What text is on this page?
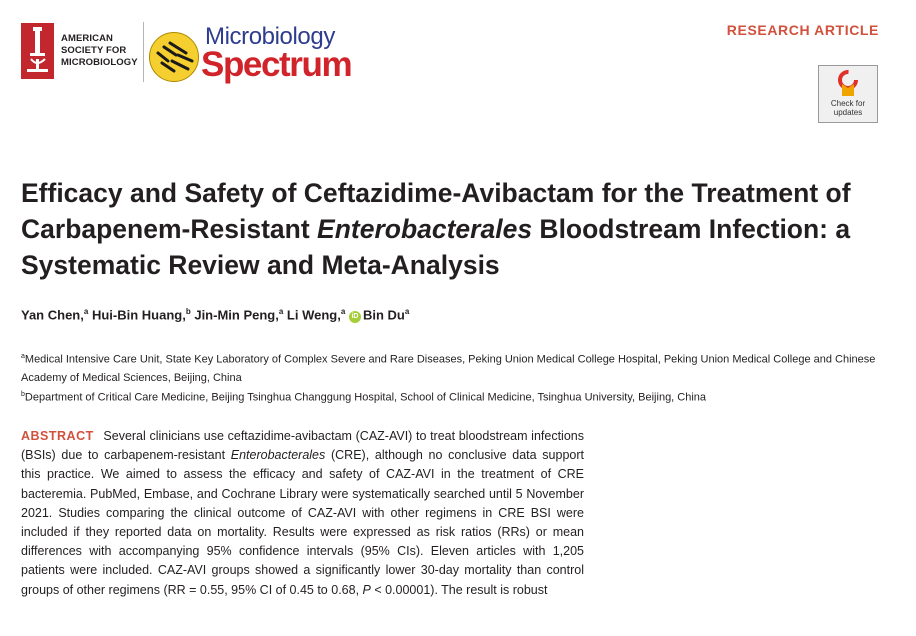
AMERICAN
SOCIETY FOR
MICROBIOLOGY
Microbiology
Spectrum
RESEARCH ARTICLE
Check for
updates
Efficacy and Safety of Ceftazidime-Avibactam for the Treatment of Carbapenem-Resistant Enterobacterales Bloodstream Infection: a Systematic Review and Meta-Analysis
Yan Chen,$^a$ Hui-Bin Huang,$^b$ Jin-Min Peng,$^a$ Li Weng,$^a$ iD Bin Du$^a$
$^a$Medical Intensive Care Unit, State Key Laboratory of Complex Severe and Rare Diseases, Peking Union Medical College Hospital, Peking Union Medical College and Chinese Academy of Medical Sciences, Beijing, China
$^b$Department of Critical Care Medicine, Beijing Tsinghua Changgung Hospital, School of Clinical Medicine, Tsinghua University, Beijing, China
ABSTRACT Several clinicians use ceftazidime-avibactam (CAZ-AVI) to treat bloodstream infections (BSIs) due to carbapenem-resistant Enterobacterales (CRE), although no conclusive data support this practice. We aimed to assess the efficacy and safety of CAZ-AVI in the treatment of CRE bacteremia. PubMed, Embase, and Cochrane Library were systematically searched until 5 November 2021. Studies comparing the clinical outcome of CAZ-AVI with other regimens in CRE BSI were included if they reported data on mortality. Results were expressed as risk ratios (RRs) or mean differences with accompanying 95% confidence intervals (95% CIs). Eleven articles with 1,205 patients were included. CAZ-AVI groups showed a significantly lower 30-day mortality than control groups of other regimens (RR = 0.55, 95% CI of 0.45 to 0.68, P < 0.00001). The result is robust
